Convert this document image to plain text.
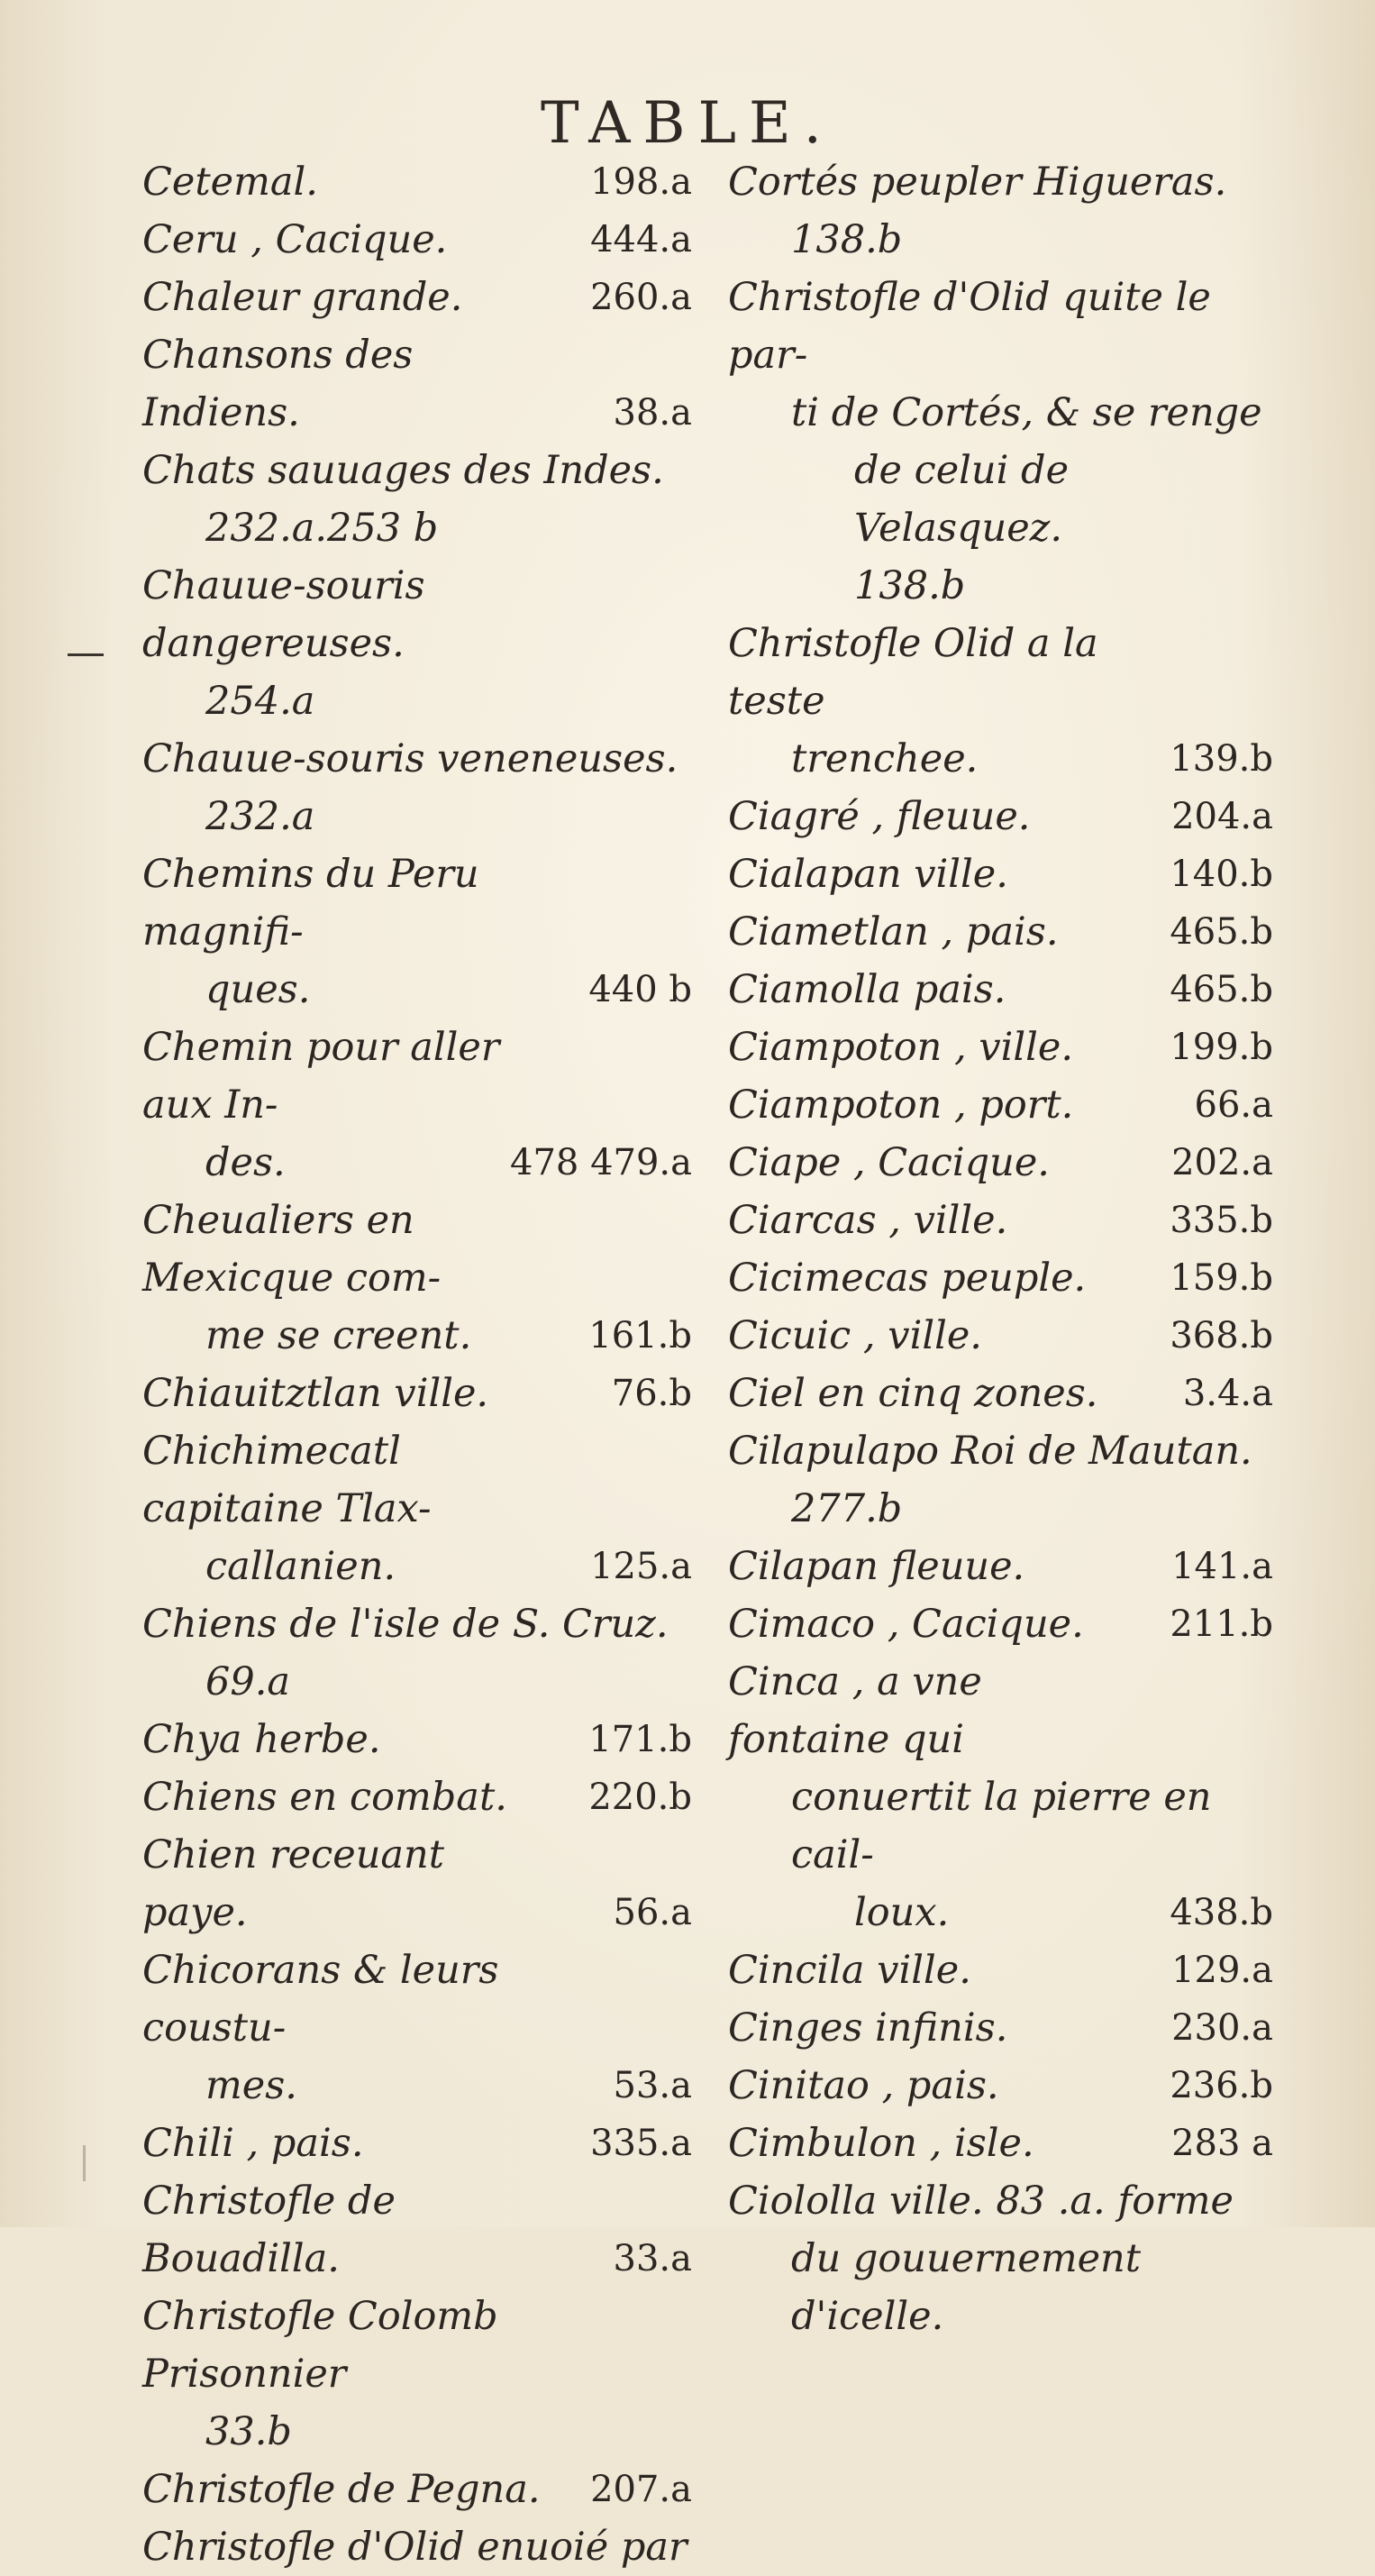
TABLE.
Cetemal.	198.a
Ceru , Cacique.	444.a
Chaleur grande.	260.a
Chansons des Indiens.	38.a
Chats sauuages des Indes.
232.a.253 b
Chauue-souris dangereuses.
254.a
Chauue-souris veneneuses.
232.a
Chemins du Peru magnifi-
ques.	440 b
Chemin pour aller aux In-
des.	478 479.a
Cheualiers en Mexicque com-
me se creent.	161.b
Chiauitztlan ville.	76.b
Chichimecatl capitaine Tlax-
callanien.	125.a
Chiens de l'isle de S. Cruz.
69.a
Chya herbe.	171.b
Chiens en combat.	220.b
Chien receuant paye.	56.a
Chicorans & leurs coustu-
mes.	53.a
Chili , pais.	335.a
Christofle de Bouadilla.	33.a
Christofle Colomb Prisonnier
33.b
Christofle de Pegna.	207.a
Christofle d'Olid enuoié par
Cortés peupler Higueras.
138.b
Christofle d'Olid quite le par-
ti de Cortés, & se renge
de celui de Velasquez.
138.b
Christofle Olid a la teste
trenchee.	139.b
Ciagré , fleuue.	204.a
Cialapan ville.	140.b
Ciametlan , pais.	465.b
Ciamolla pais.	465.b
Ciampoton , ville.	199.b
Ciampoton , port.	66.a
Ciape , Cacique.	202.a
Ciarcas , ville.	335.b
Cicimecas peuple.	159.b
Cicuic , ville.	368.b
Ciel en cinq zones.	3.4.a
Cilapulapo Roi de Mautan.
277.b
Cilapan fleuue.	141.a
Cimaco , Cacique.	211.b
Cinca , a vne fontaine qui
conuertit la pierre en cail-
loux.	438.b
Cincila ville.	129.a
Cinges infinis.	230.a
Cinitao , pais.	236.b
Cimbulon , isle.	283 a
Ciololla ville. 83 .a. forme
du gouuernement d'icelle.
